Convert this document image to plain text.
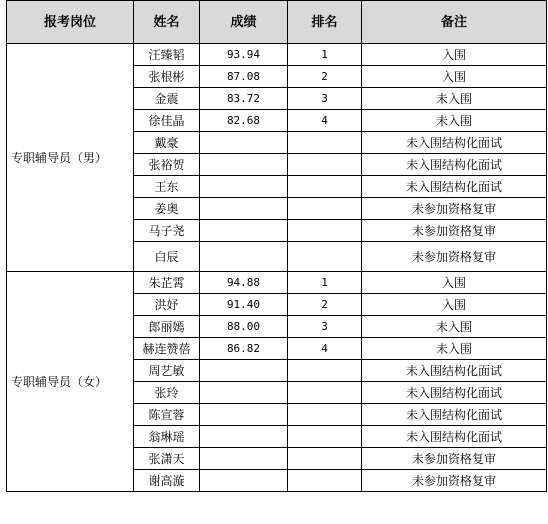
报考岗位	姓名	成绩	排名	备注
专职辅导员（男）	汪臻韬	93.94	1	入围
	张根彬	87.08	2	入围
	金震	83.72	3	未入围
	徐佳晶	82.68	4	未入围
	戴豪			未入围结构化面试
	张裕贺			未入围结构化面试
	王东			未入围结构化面试
	姜奥			未参加资格复审
	马子尧			未参加资格复审
	白辰			未参加资格复审
专职辅导员（女）	朱芷霄	94.88	1	入围
	洪妤	91.40	2	入围
	郎丽嫣	88.00	3	未入围
	赫连赞蓓	86.82	4	未入围
	周艺敏			未入围结构化面试
	张玲			未入围结构化面试
	陈宣蓉			未入围结构化面试
	翁琳瑶			未入围结构化面试
	张潇天			未参加资格复审
	谢高漩			未参加资格复审
